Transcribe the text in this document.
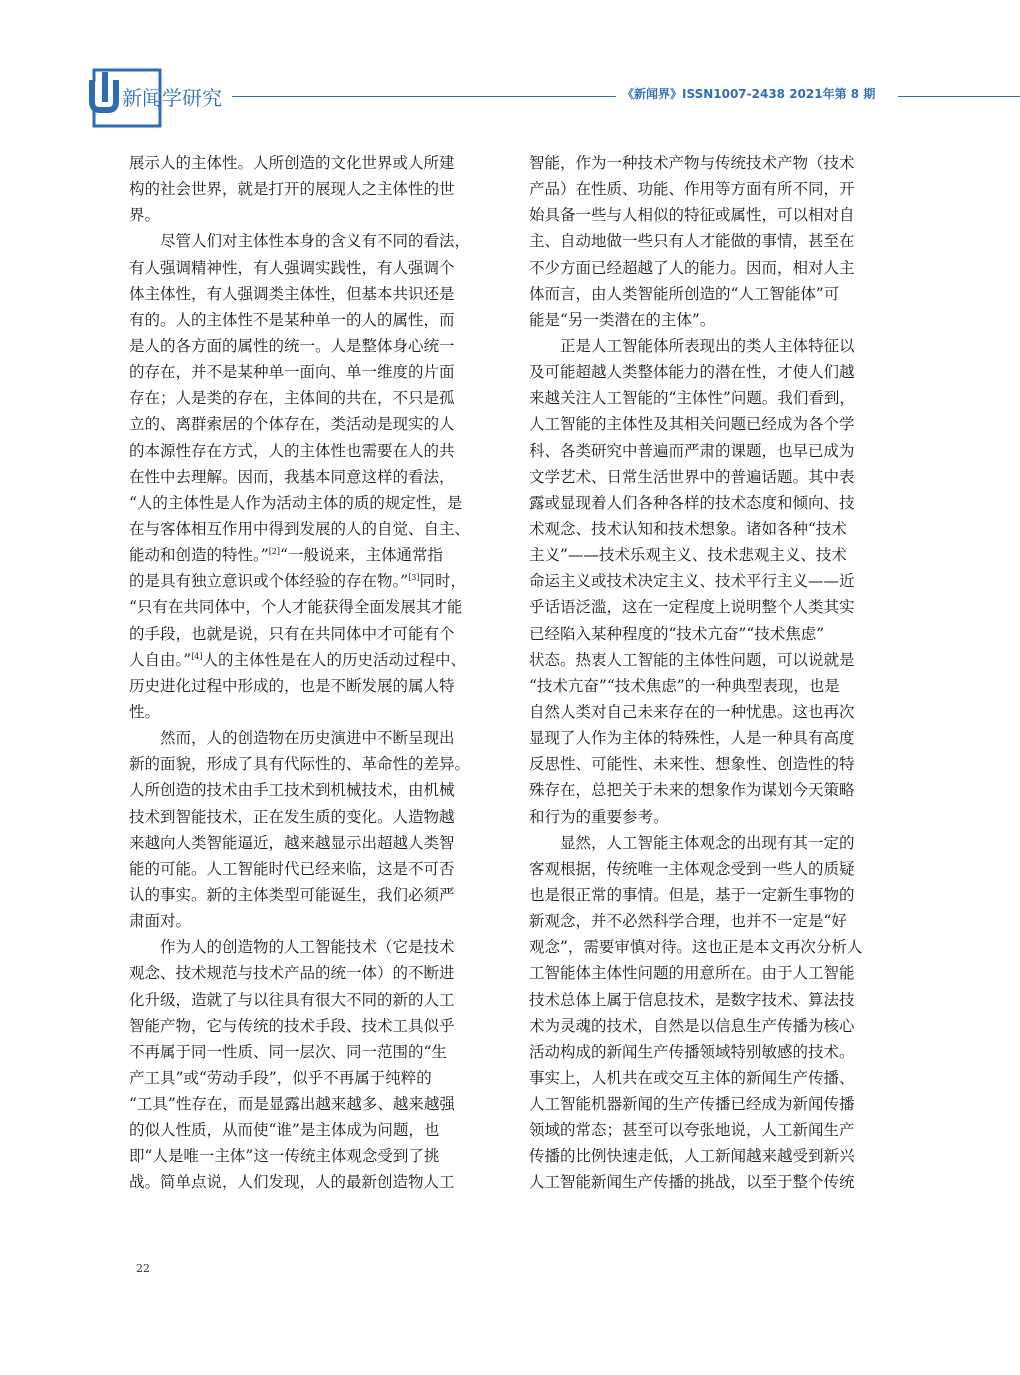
新闻学研究	《新闻界》ISSN1007-2438 2021年第 8 期
展示人的主体性。人所创造的文化世界或人所建
构的社会世界，就是打开的展现人之主体性的世
界。
　　尽管人们对主体性本身的含义有不同的看法，
有人强调精神性，有人强调实践性，有人强调个
体主体性，有人强调类主体性，但基本共识还是
有的。人的主体性不是某种单一的人的属性，而
是人的各方面的属性的统一。人是整体身心统一
的存在，并不是某种单一面向、单一维度的片面
存在；人是类的存在，主体间的共在，不只是孤
立的、离群索居的个体存在，类活动是现实的人
的本源性存在方式，人的主体性也需要在人的共
在性中去理解。因而，我基本同意这样的看法，
“人的主体性是人作为活动主体的质的规定性，是
在与客体相互作用中得到发展的人的自觉、自主、
能动和创造的特性。”[2]“一般说来，主体通常指
的是具有独立意识或个体经验的存在物。”[3]同时，
“只有在共同体中，个人才能获得全面发展其才能
的手段，也就是说，只有在共同体中才可能有个
人自由。”[4]人的主体性是在人的历史活动过程中、
历史进化过程中形成的，也是不断发展的属人特
性。
　　然而，人的创造物在历史演进中不断呈现出
新的面貌，形成了具有代际性的、革命性的差异。
人所创造的技术由手工技术到机械技术，由机械
技术到智能技术，正在发生质的变化。人造物越
来越向人类智能逼近，越来越显示出超越人类智
能的可能。人工智能时代已经来临，这是不可否
认的事实。新的主体类型可能诞生，我们必须严
肃面对。
　　作为人的创造物的人工智能技术（它是技术
观念、技术规范与技术产品的统一体）的不断进
化升级，造就了与以往具有很大不同的新的人工
智能产物，它与传统的技术手段、技术工具似乎
不再属于同一性质、同一层次、同一范围的“生
产工具”或“劳动手段”，似乎不再属于纯粹的
“工具”性存在，而是显露出越来越多、越来越强
的似人性质，从而使“谁”是主体成为问题，也
即“人是唯一主体”这一传统主体观念受到了挑
战。简单点说，人们发现，人的最新创造物人工
智能，作为一种技术产物与传统技术产物（技术
产品）在性质、功能、作用等方面有所不同，开
始具备一些与人相似的特征或属性，可以相对自
主、自动地做一些只有人才能做的事情，甚至在
不少方面已经超越了人的能力。因而，相对人主
体而言，由人类智能所创造的“人工智能体”可
能是“另一类潜在的主体”。
　　正是人工智能体所表现出的类人主体特征以
及可能超越人类整体能力的潜在性，才使人们越
来越关注人工智能的“主体性”问题。我们看到，
人工智能的主体性及其相关问题已经成为各个学
科、各类研究中普遍而严肃的课题，也早已成为
文学艺术、日常生活世界中的普遍话题。其中表
露或显现着人们各种各样的技术态度和倾向、技
术观念、技术认知和技术想象。诸如各种“技术
主义”——技术乐观主义、技术悲观主义、技术
命运主义或技术决定主义、技术平行主义——近
乎话语泛滥，这在一定程度上说明整个人类其实
已经陷入某种程度的“技术亢奋”“技术焦虑”
状态。热衷人工智能的主体性问题，可以说就是
“技术亢奋”“技术焦虑”的一种典型表现，也是
自然人类对自己未来存在的一种忧患。这也再次
显现了人作为主体的特殊性，人是一种具有高度
反思性、可能性、未来性、想象性、创造性的特
殊存在，总把关于未来的想象作为谋划今天策略
和行为的重要参考。
　　显然，人工智能主体观念的出现有其一定的
客观根据，传统唯一主体观念受到一些人的质疑
也是很正常的事情。但是，基于一定新生事物的
新观念，并不必然科学合理，也并不一定是“好
观念”，需要审慎对待。这也正是本文再次分析人
工智能体主体性问题的用意所在。由于人工智能
技术总体上属于信息技术，是数字技术、算法技
术为灵魂的技术，自然是以信息生产传播为核心
活动构成的新闻生产传播领域特别敏感的技术。
事实上，人机共在或交互主体的新闻生产传播、
人工智能机器新闻的生产传播已经成为新闻传播
领域的常态；甚至可以夸张地说，人工新闻生产
传播的比例快速走低，人工新闻越来越受到新兴
人工智能新闻生产传播的挑战，以至于整个传统
22
